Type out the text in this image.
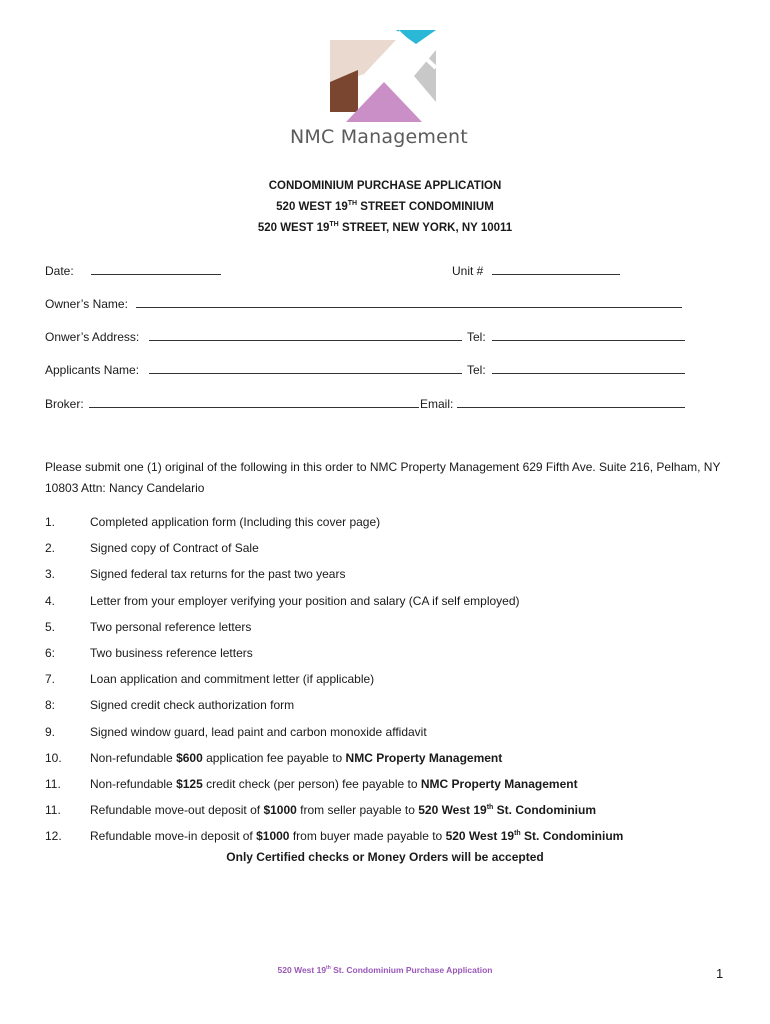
NMC Management
CONDOMINIUM PURCHASE APPLICATION
520 WEST 19TH STREET CONDOMINIUM
520 WEST 19TH STREET, NEW YORK, NY 10011
Date:	Unit #
Owner’s Name:
Onwer’s Address:	Tel:
Applicants Name:	Tel:
Broker:	Email:
Please submit one (1) original of the following in this order to NMC Property Management 629 Fifth Ave. Suite 216, Pelham, NY 10803 Attn: Nancy Candelario
1.	Completed application form (Including this cover page)
2.	Signed copy of Contract of Sale
3.	Signed federal tax returns for the past two years
4.	Letter from your employer verifying your position and salary (CA if self employed)
5.	Two personal reference letters
6:	Two business reference letters
7.	Loan application and commitment letter (if applicable)
8:	Signed credit check authorization form
9.	Signed window guard, lead paint and carbon monoxide affidavit
10.	Non-refundable $600 application fee payable to NMC Property Management
11.	Non-refundable $125 credit check (per person) fee payable to NMC Property Management
11.	Refundable move-out deposit of $1000 from seller payable to 520 West 19th St. Condominium
12.	Refundable move-in deposit of $1000 from buyer made payable to 520 West 19th St. Condominium
Only Certified checks or Money Orders will be accepted
520 West 19th St. Condominium Purchase Application	1
